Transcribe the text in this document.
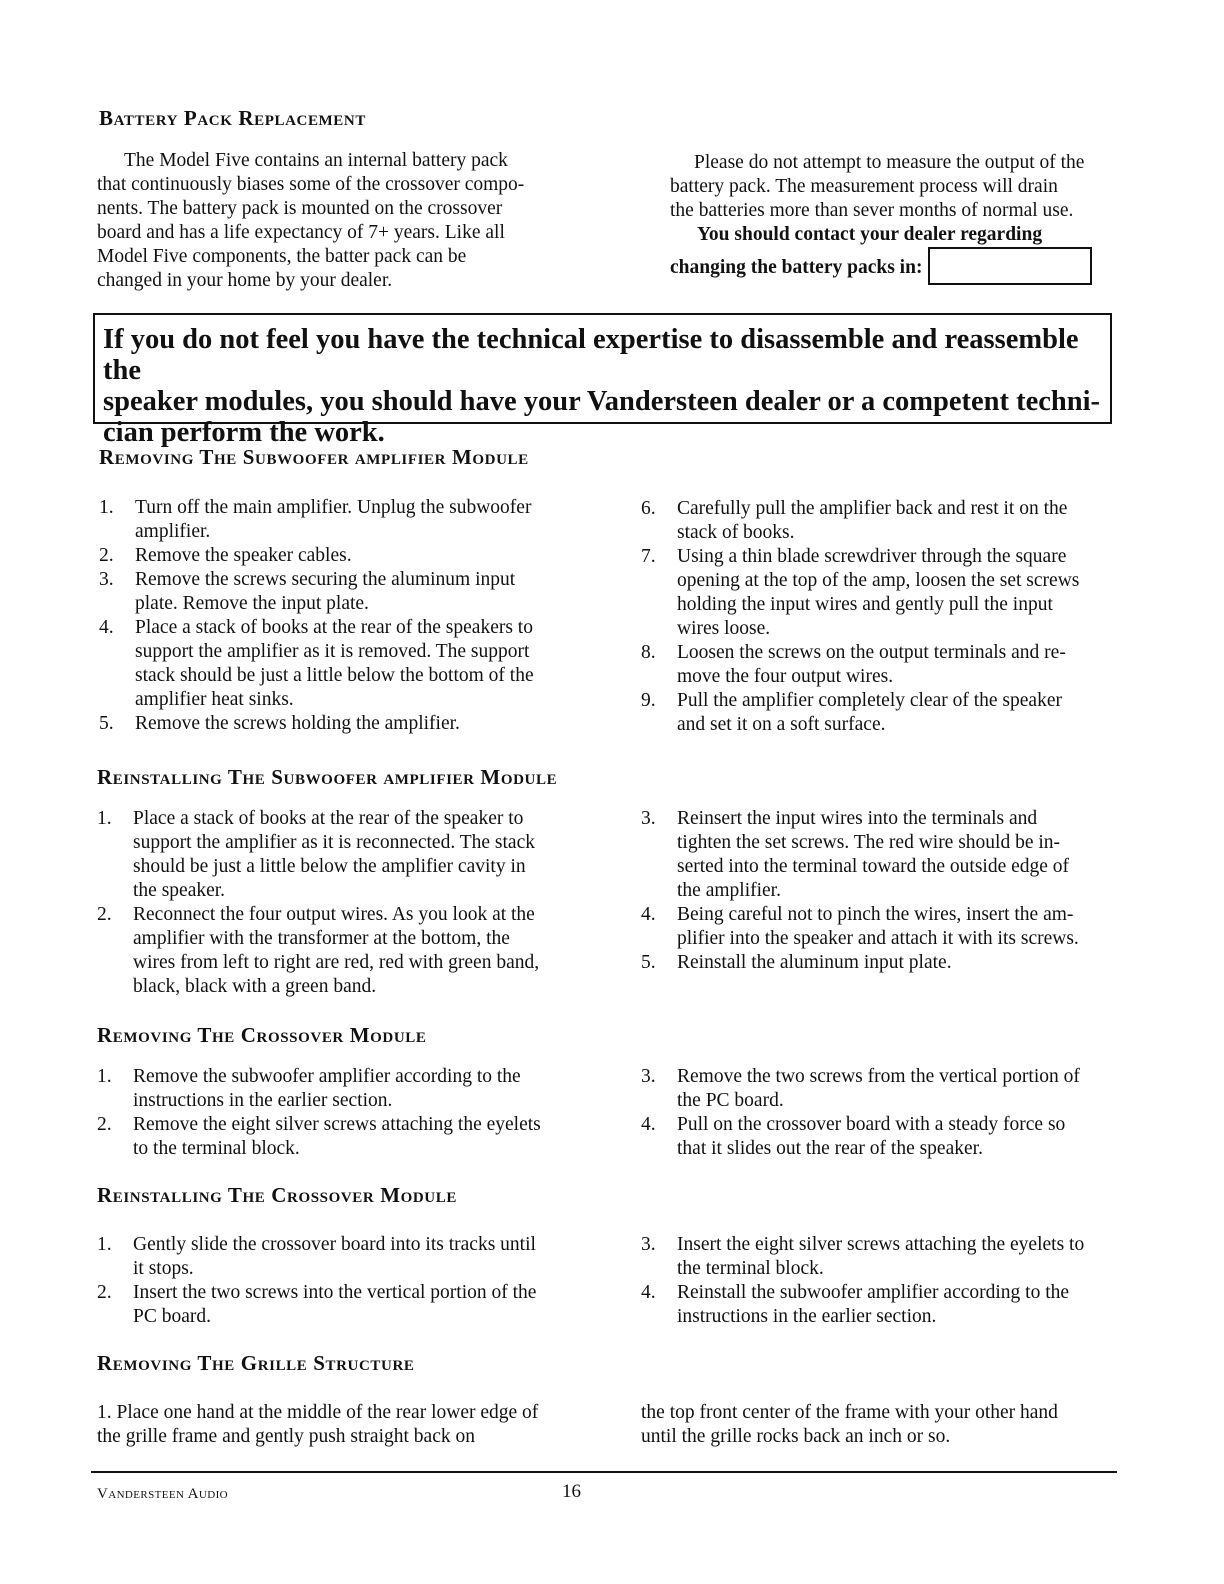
Battery Pack Replacement
The Model Five contains an internal battery pack
that continuously biases some of the crossover compo-
nents. The battery pack is mounted on the crossover
board and has a life expectancy of 7+ years. Like all
Model Five components, the batter pack can be
changed in your home by your dealer.
Please do not attempt to measure the output of the
battery pack. The measurement process will drain
the batteries more than sever months of normal use.
You should contact your dealer regarding
changing the battery packs in:
If you do not feel you have the technical expertise to disassemble and reassemble the
speaker modules, you should have your Vandersteen dealer or a competent techni-
cian perform the work.
Removing The Subwoofer amplifier Module
1. Turn off the main amplifier. Unplug the subwoofer
amplifier.
2. Remove the speaker cables.
3. Remove the screws securing the aluminum input
plate. Remove the input plate.
4. Place a stack of books at the rear of the speakers to
support the amplifier as it is removed. The support
stack should be just a little below the bottom of the
amplifier heat sinks.
5. Remove the screws holding the amplifier.
6. Carefully pull the amplifier back and rest it on the
stack of books.
7. Using a thin blade screwdriver through the square
opening at the top of the amp, loosen the set screws
holding the input wires and gently pull the input
wires loose.
8. Loosen the screws on the output terminals and re-
move the four output wires.
9. Pull the amplifier completely clear of the speaker
and set it on a soft surface.
Reinstalling The Subwoofer amplifier Module
1. Place a stack of books at the rear of the speaker to
support the amplifier as it is reconnected. The stack
should be just a little below the amplifier cavity in
the speaker.
2. Reconnect the four output wires. As you look at the
amplifier with the transformer at the bottom, the
wires from left to right are red, red with green band,
black, black with a green band.
3. Reinsert the input wires into the terminals and
tighten the set screws. The red wire should be in-
serted into the terminal toward the outside edge of
the amplifier.
4. Being careful not to pinch the wires, insert the am-
plifier into the speaker and attach it with its screws.
5. Reinstall the aluminum input plate.
Removing The Crossover Module
1. Remove the subwoofer amplifier according to the
instructions in the earlier section.
2. Remove the eight silver screws attaching the eyelets
to the terminal block.
3. Remove the two screws from the vertical portion of
the PC board.
4. Pull on the crossover board with a steady force so
that it slides out the rear of the speaker.
Reinstalling The Crossover Module
1. Gently slide the crossover board into its tracks until
it stops.
2. Insert the two screws into the vertical portion of the
PC board.
3. Insert the eight silver screws attaching the eyelets to
the terminal block.
4. Reinstall the subwoofer amplifier according to the
instructions in the earlier section.
Removing The Grille Structure
1. Place one hand at the middle of the rear lower edge of
the grille frame and gently push straight back on
the top front center of the frame with your other hand
until the grille rocks back an inch or so.
Vandersteen Audio	16
